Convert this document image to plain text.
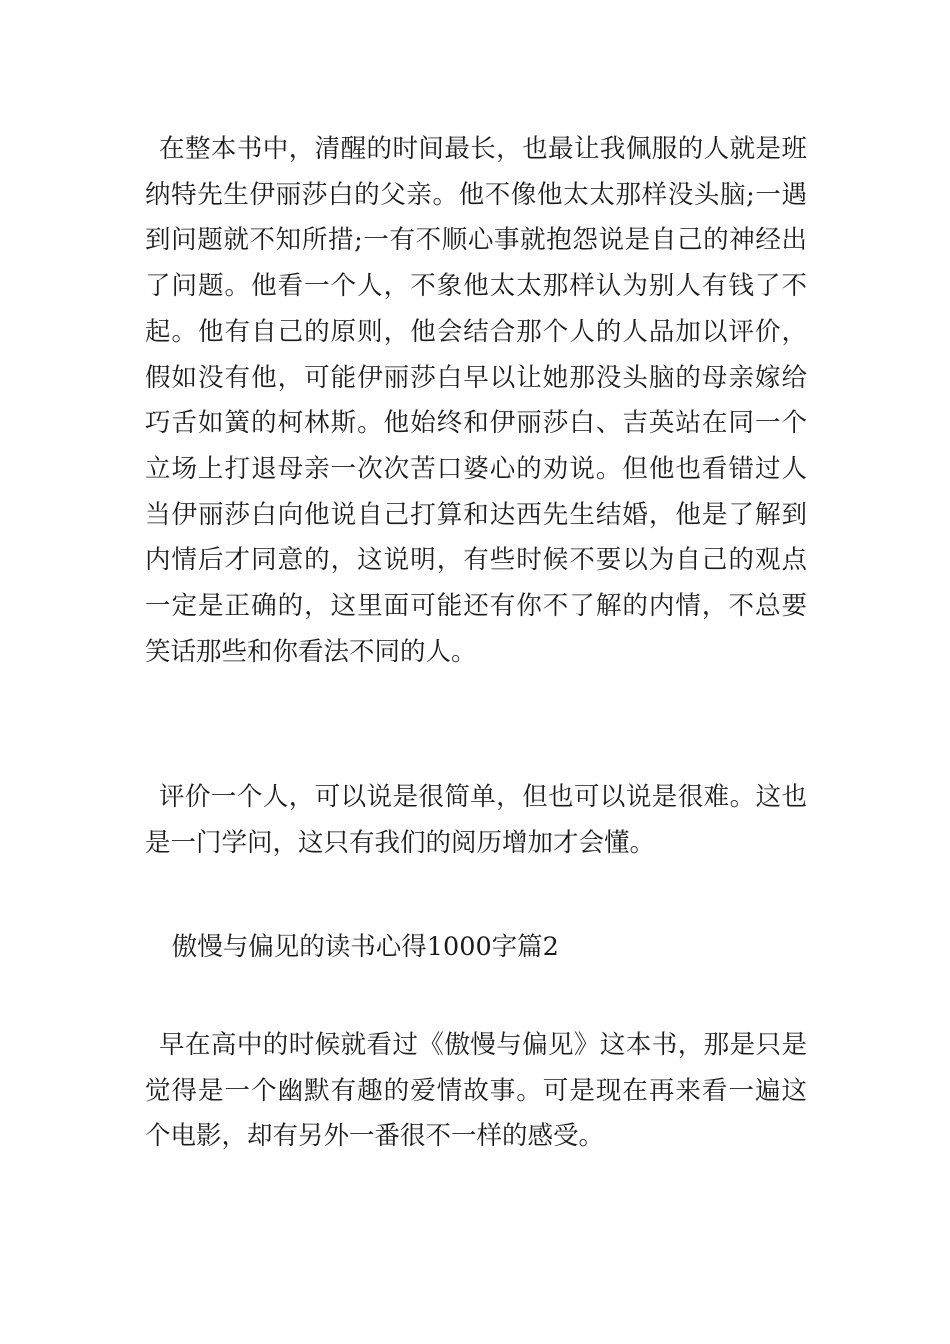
在整本书中，清醒的时间最长，也最让我佩服的人就是班纳特先生伊丽莎白的父亲。他不像他太太那样没头脑;一遇到问题就不知所措;一有不顺心事就抱怨说是自己的神经出了问题。他看一个人，不象他太太那样认为别人有钱了不起。他有自己的原则，他会结合那个人的人品加以评价，假如没有他，可能伊丽莎白早以让她那没头脑的母亲嫁给巧舌如簧的柯林斯。他始终和伊丽莎白、吉英站在同一个立场上打退母亲一次次苦口婆心的劝说。但他也看错过人当伊丽莎白向他说自己打算和达西先生结婚，他是了解到内情后才同意的，这说明，有些时候不要以为自己的观点一定是正确的，这里面可能还有你不了解的内情，不总要笑话那些和你看法不同的人。

评价一个人，可以说是很简单，但也可以说是很难。这也是一门学问，这只有我们的阅历增加才会懂。

傲慢与偏见的读书心得1000字篇2

早在高中的时候就看过《傲慢与偏见》这本书，那是只是觉得是一个幽默有趣的爱情故事。可是现在再来看一遍这个电影，却有另外一番很不一样的感受。
